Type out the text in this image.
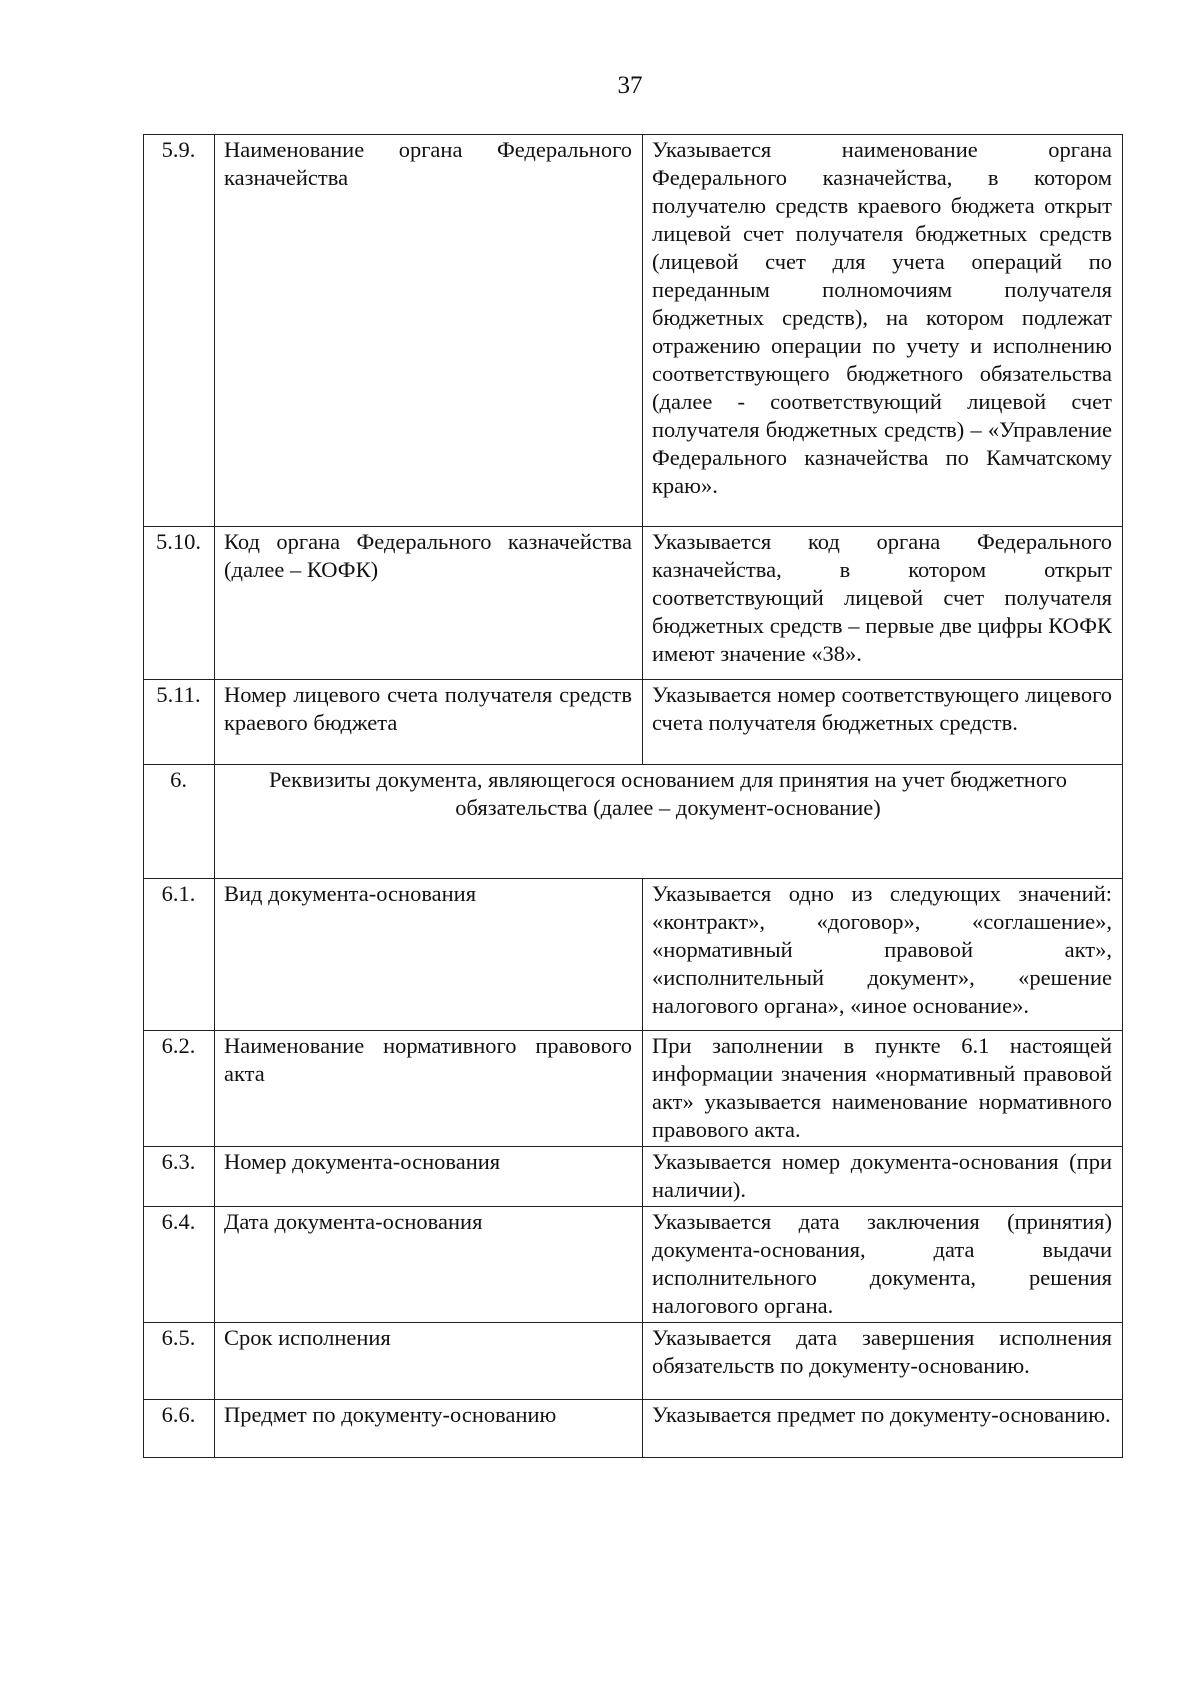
37
5.9.	Наименование органа Федерального казначейства	Указывается наименование органа Федерального казначейства, в котором получателю средств краевого бюджета открыт лицевой счет получателя бюджетных средств (лицевой счет для учета операций по переданным полномочиям получателя бюджетных средств), на котором подлежат отражению операции по учету и исполнению соответствующего бюджетного обязательства (далее - соответствующий лицевой счет получателя бюджетных средств) – «Управление Федерального казначейства по Камчатскому краю».
5.10.	Код органа Федерального казначейства (далее – КОФК)	Указывается код органа Федерального казначейства, в котором открыт соответствующий лицевой счет получателя бюджетных средств – первые две цифры КОФК имеют значение «38».
5.11.	Номер лицевого счета получателя средств краевого бюджета	Указывается номер соответствующего лицевого счета получателя бюджетных средств.
6.	Реквизиты документа, являющегося основанием для принятия на учет бюджетного обязательства (далее – документ-основание)	
6.1.	Вид документа-основания	Указывается одно из следующих значений: «контракт», «договор», «соглашение», «нормативный правовой акт», «исполнительный документ», «решение налогового органа», «иное основание».
6.2.	Наименование нормативного правового акта	При заполнении в пункте 6.1 настоящей информации значения «нормативный правовой акт» указывается наименование нормативного правового акта.
6.3.	Номер документа-основания	Указывается номер документа-основания (при наличии).
6.4.	Дата документа-основания	Указывается дата заключения (принятия) документа-основания, дата выдачи исполнительного документа, решения налогового органа.
6.5.	Срок исполнения	Указывается дата завершения исполнения обязательств по документу-основанию.
6.6.	Предмет по документу-основанию	Указывается предмет по документу-основанию.
